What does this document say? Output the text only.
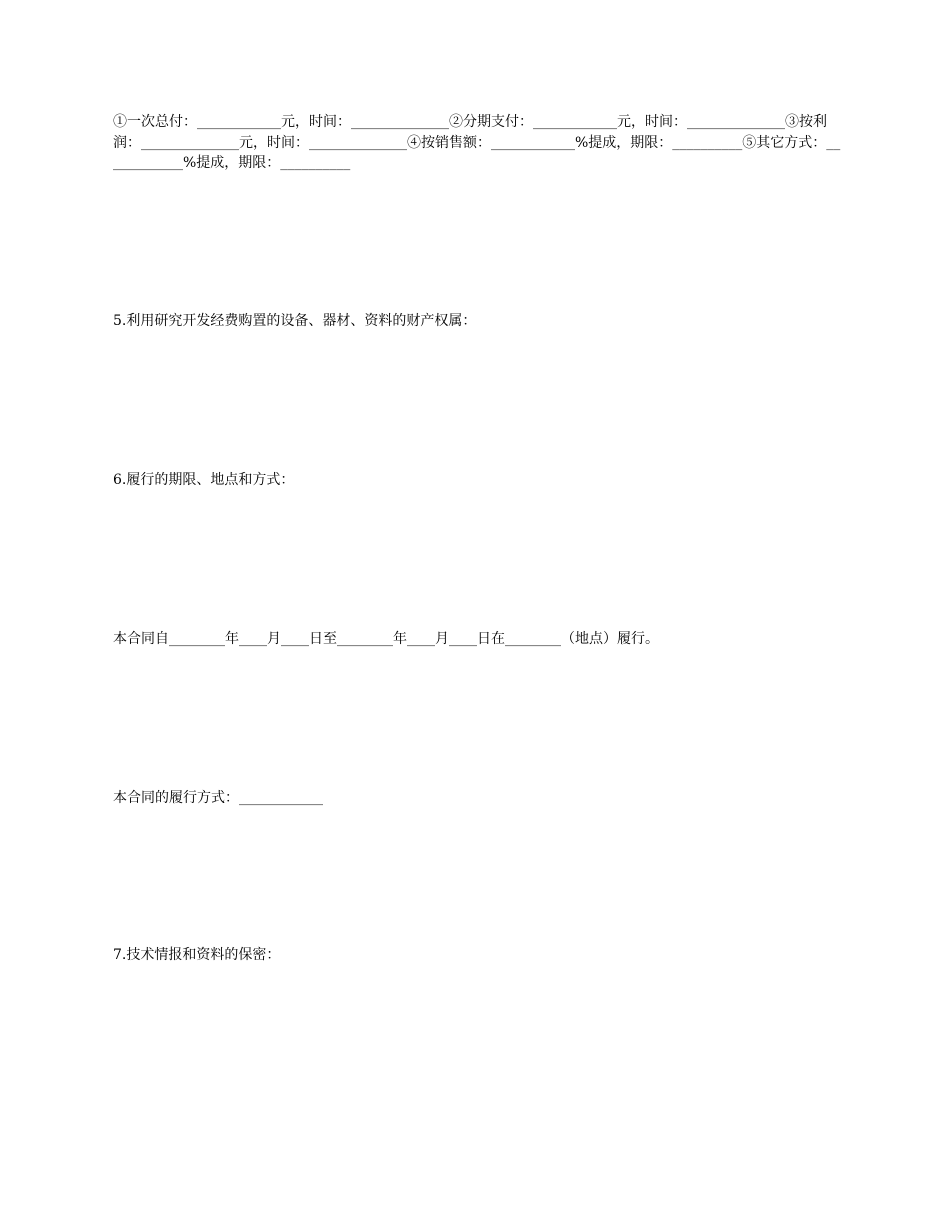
①一次总付：____________元，时间：______________②分期支付：____________元，时间：______________③按利润：______________元，时间：______________④按销售额：____________%提成，期限：__________⑤其它方式：____________%提成，期限：__________
5.利用研究开发经费购置的设备、器材、资料的财产权属：
6.履行的期限、地点和方式：
本合同自________年____月____日至________年____月____日在________（地点）履行。
本合同的履行方式：____________
7.技术情报和资料的保密：
